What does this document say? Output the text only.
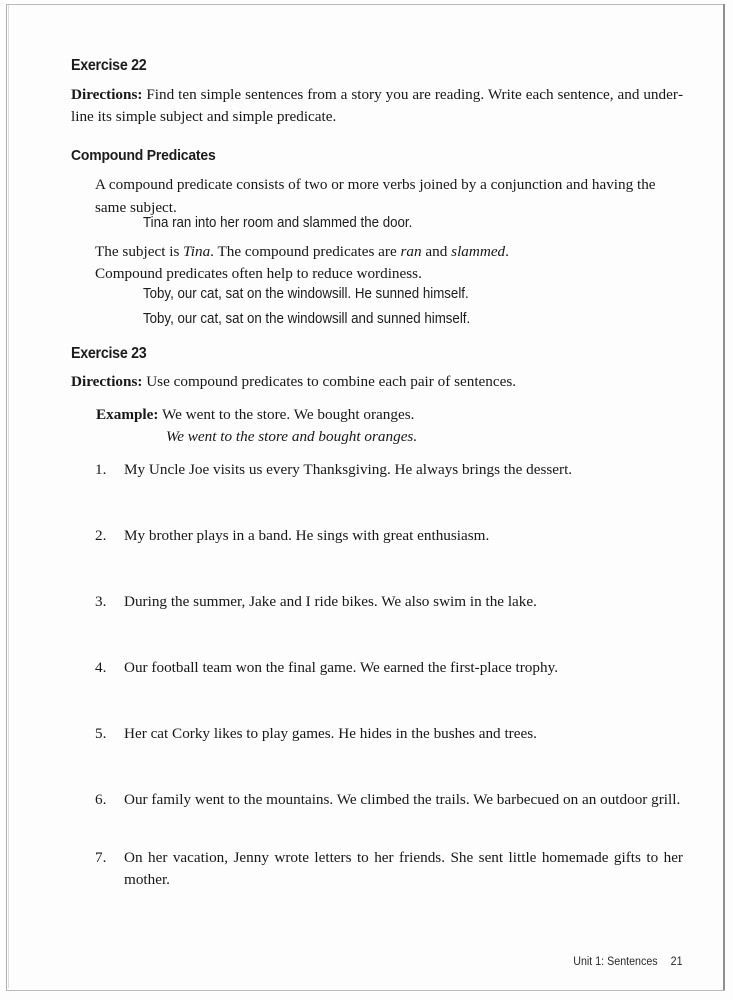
Exercise 22
Directions: Find ten simple sentences from a story you are reading. Write each sentence, and underline its simple subject and simple predicate.
Compound Predicates
A compound predicate consists of two or more verbs joined by a conjunction and having the same subject.
Tina ran into her room and slammed the door.
The subject is Tina. The compound predicates are ran and slammed.
Compound predicates often help to reduce wordiness.
Toby, our cat, sat on the windowsill. He sunned himself.
Toby, our cat, sat on the windowsill and sunned himself.
Exercise 23
Directions: Use compound predicates to combine each pair of sentences.
Example: We went to the store. We bought oranges.
We went to the store and bought oranges.
1.	My Uncle Joe visits us every Thanksgiving. He always brings the dessert.
2.	My brother plays in a band. He sings with great enthusiasm.
3.	During the summer, Jake and I ride bikes. We also swim in the lake.
4.	Our football team won the final game. We earned the first-place trophy.
5.	Her cat Corky likes to play games. He hides in the bushes and trees.
6.	Our family went to the mountains. We climbed the trails. We barbecued on an outdoor grill.
7.	On her vacation, Jenny wrote letters to her friends. She sent little homemade gifts to her mother.
Unit 1: Sentences 21
